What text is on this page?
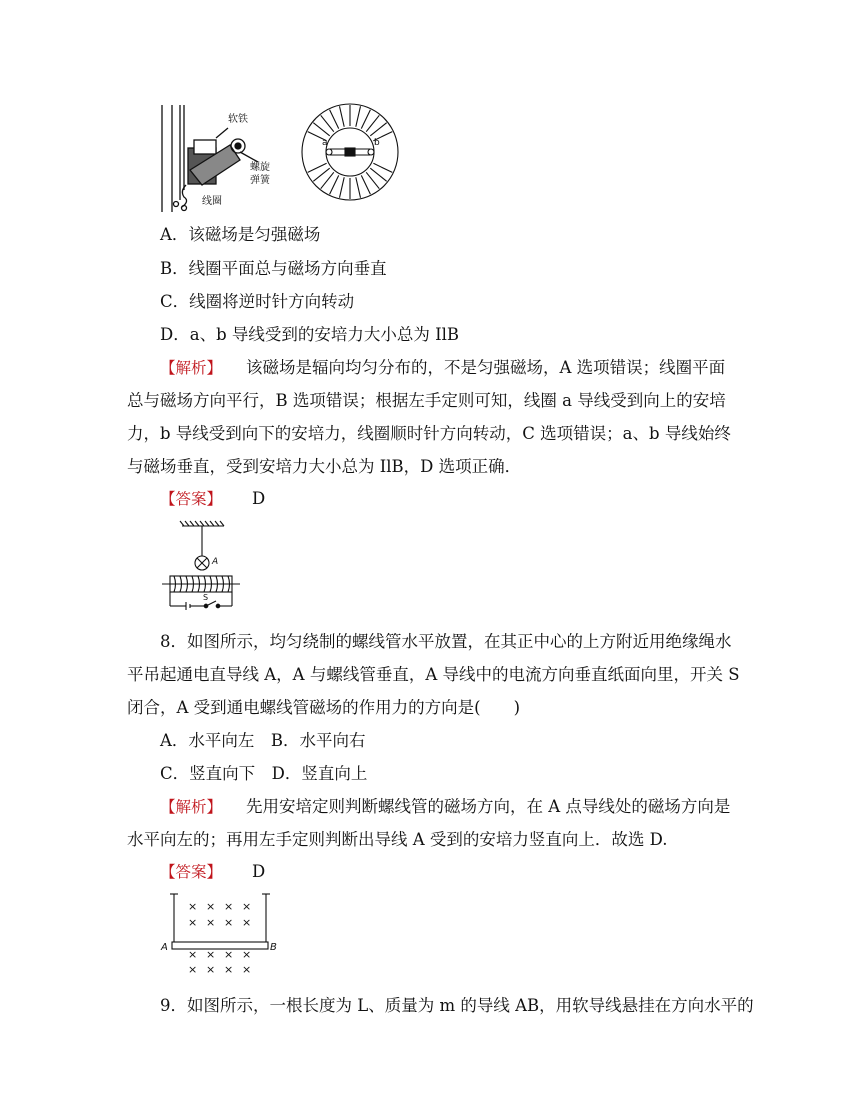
软铁
螺旋
弹簧
线圈
a	b
A．该磁场是匀强磁场
B．线圈平面总与磁场方向垂直
C．线圈将逆时针方向转动
D．a、b 导线受到的安培力大小总为 IlB
【解析】 该磁场是辐向均匀分布的，不是匀强磁场，A 选项错误；线圈平面
总与磁场方向平行，B 选项错误；根据左手定则可知，线圈 a 导线受到向上的安培
力，b 导线受到向下的安培力，线圈顺时针方向转动，C 选项错误；a、b 导线始终
与磁场垂直，受到安培力大小总为 IlB，D 选项正确．
【答案】 D
A
S
8．如图所示，均匀绕制的螺线管水平放置，在其正中心的上方附近用绝缘绳水
平吊起通电直导线 A，A 与螺线管垂直，A 导线中的电流方向垂直纸面向里，开关 S
闭合，A 受到通电螺线管磁场的作用力的方向是(　　)
A．水平向左　B．水平向右
C．竖直向下　D．竖直向上
【解析】 先用安培定则判断螺线管的磁场方向，在 A 点导线处的磁场方向是
水平向左的；再用左手定则判断出导线 A 受到的安培力竖直向上．故选 D.
【答案】 D
× × × ×
× × × ×
× × × ×
× × × ×
A	B
9．如图所示，一根长度为 L、质量为 m 的导线 AB，用软导线悬挂在方向水平的
